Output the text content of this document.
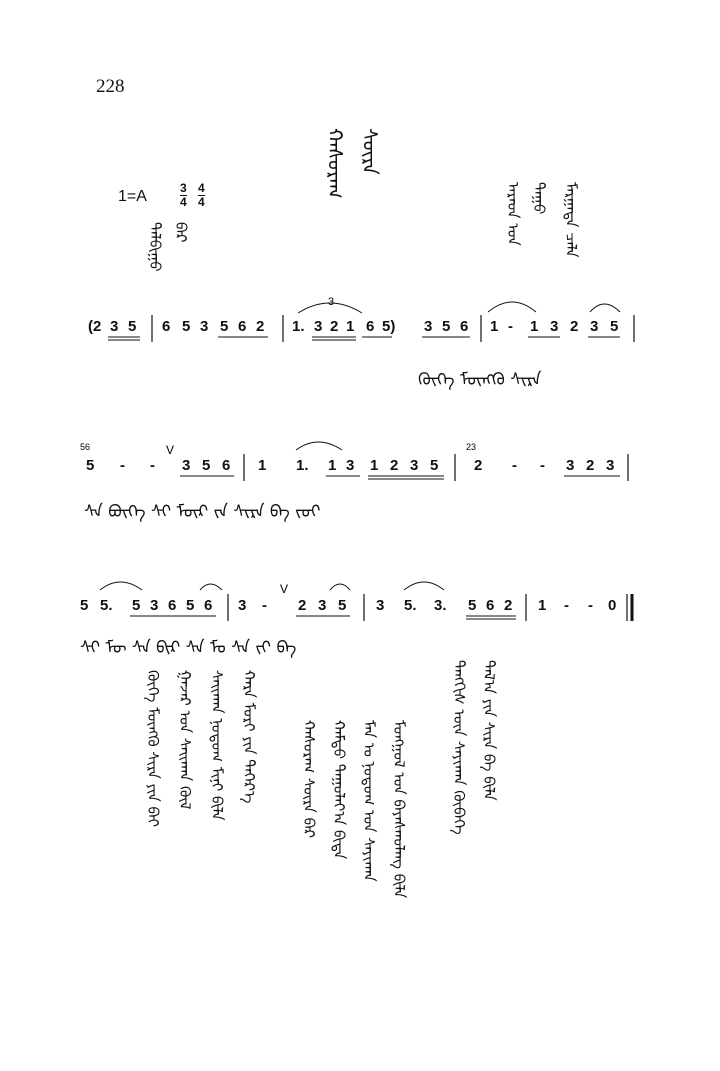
228
ᠬᠠᠰᠤᠷᠠᠭ ᠰᠦᠷᠡ
1=A	3
4
4
4
ᠲᠠᠯᠪᠢᠭᠤ ᠪᠡᠷ	ᠠᠷᠠᠳ ᠤᠨ ᠳᠠᠭᠤ ᠮᠠᠷᠭᠠᠲᠠ ᠴᠡᠯᠡ
(2 3 5 6 5 3 5 6 2 1. 3 2 1 6 5) 3 5 6 1 - 1 3 2 3 5
3
56
5 - -
V
3 5 6 1 1. 1 3 1 2 3 5
23
2 - - 3 2 3
5 5. 5 3 6 5 6 3 -
V
2 3 5 3 5. 3. 5 6 2 1 - - 0
ᠬᠥᠬᠡ ᠮᠥᠩᠭᠦ ᠰᠢᠷᠡ
ᠰᠡ ᠪᠥᠬᠡ ᠰᠢ ᠮᠥᠷ ᠵᠡ ᠰᠢᠷᠡ ᠪᠡ ᠵᠤᠢ
ᠰᠢ ᠮᠥ ᠰᠡ ᠪᠢᠷ ᠰᠠ ᠮᠤ ᠰᠡ ᠵᠢ ᠪᠡ
ᠬᠥᠬᠡ ᠮᠥᠩᠭᠦ ᠰᠢᠷᠡ ᠶᠢᠨ ᠪᠠᠢ ᠭᠠᠵᠠᠷ ᠤᠨ ᠰᠠᠢᠬᠠᠨ ᠬᠥᠯ ᠰᠠᠢᠬᠠᠨ ᠨᠤᠲᠤᠭ ᠮᠢᠨᠢ ᠪᠢᠯᠡ ᠬᠠᠷᠠ ᠮᠣᠷᠢ ᠶᠢᠨ ᠳᠡᠭᠡᠷ᠎ᠡ	ᠬᠠᠰᠤᠷᠠᠭ ᠰᠦᠷᠡ ᠪᠠᠷ ᠬᠠᠮᠲᠤ ᠳᠠᠭᠤᠯᠠᠶ᠎ᠠ ᠪᠢᠳᠡ ᠮᠠᠨ ᠤ ᠨᠤᠲᠤᠭ ᠤᠨ ᠰᠠᠶᠢᠬᠠᠨ ᠮᠣᠩᠭᠣᠯ ᠤᠨ ᠪᠠᠶᠠᠰᠬᠤᠯᠠᠩ ᠪᠢᠯᠡ	ᠲᠡᠩᠭᠢᠰ ᠦᠨ ᠰᠠᠶᠢᠬᠠᠨ ᠬᠥᠪᠡᠭᠡ ᠲᠠᠯ᠎ᠠ ᠶᠢᠨ ᠰᠢᠷᠡ ᠪᠡ ᠪᠢᠯᠡ
